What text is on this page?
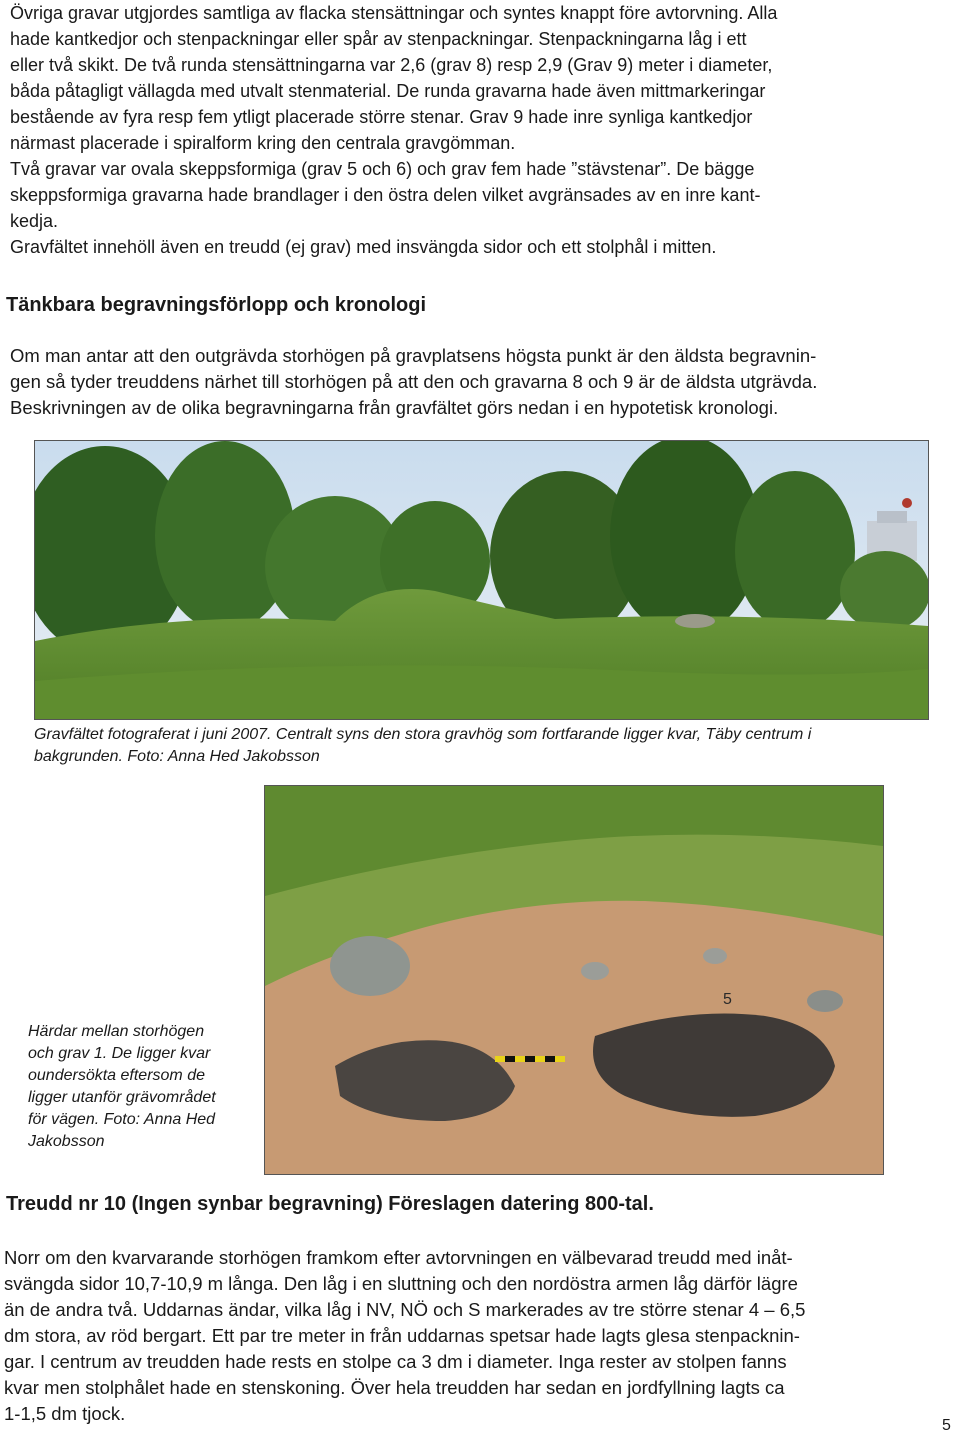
Övriga gravar utgjordes samtliga av flacka stensättningar och syntes knappt före avtorvning. Alla

hade kantkedjor och stenpackningar eller spår av stenpackningar. Stenpackningarna låg i ett

eller två skikt. De två runda stensättningarna var 2,6 (grav 8) resp 2,9 (Grav 9) meter i diameter,

båda påtagligt vällagda med utvalt stenmaterial. De runda gravarna hade även mittmarkeringar

bestående av fyra resp fem ytligt placerade större stenar. Grav 9 hade inre synliga kantkedjor

närmast placerade i spiralform kring den centrala gravgömman.

Två gravar var ovala skeppsformiga (grav 5 och 6) och grav fem hade ”stävstenar”. De bägge

skeppsformiga gravarna hade brandlager i den östra delen vilket avgränsades av en inre kant-

kedja.

Gravfältet innehöll även en treudd (ej grav) med insvängda sidor och ett stolphål i mitten.

Tänkbara begravningsförlopp och kronologi

Om man antar att den outgrävda storhögen på gravplatsens högsta punkt är den äldsta begravnin-

gen så tyder treuddens närhet till storhögen på att den och gravarna 8 och 9 är de äldsta utgrävda.

Beskrivningen av de olika begravningarna från gravfältet görs nedan i en hypotetisk kronologi.

Gravfältet fotograferat i juni 2007. Centralt syns den stora gravhög som fortfarande ligger kvar, Täby centrum i
bakgrunden. Foto: Anna Hed Jakobsson
5
Härdar mellan storhögen
och grav 1. De ligger kvar
oundersökta eftersom de
ligger utanför grävområdet
för vägen. Foto: Anna Hed
Jakobsson
Treudd nr 10 (Ingen synbar begravning) Föreslagen datering 800-tal.

Norr om den kvarvarande storhögen framkom efter avtorvningen en välbevarad treudd med inåt-

svängda sidor 10,7-10,9 m långa. Den låg i en sluttning och den nordöstra armen låg därför lägre

än de andra två. Uddarnas ändar, vilka låg i NV, NÖ och S markerades av tre större stenar 4 – 6,5

dm stora, av röd bergart. Ett par tre meter in från uddarnas spetsar hade lagts glesa stenpacknin-

gar. I centrum av treudden hade rests en stolpe ca 3 dm i diameter. Inga rester av stolpen fanns

kvar men stolphålet hade en stenskoning. Över hela treudden har sedan en jordfyllning lagts ca

1-1,5 dm tjock.

5
